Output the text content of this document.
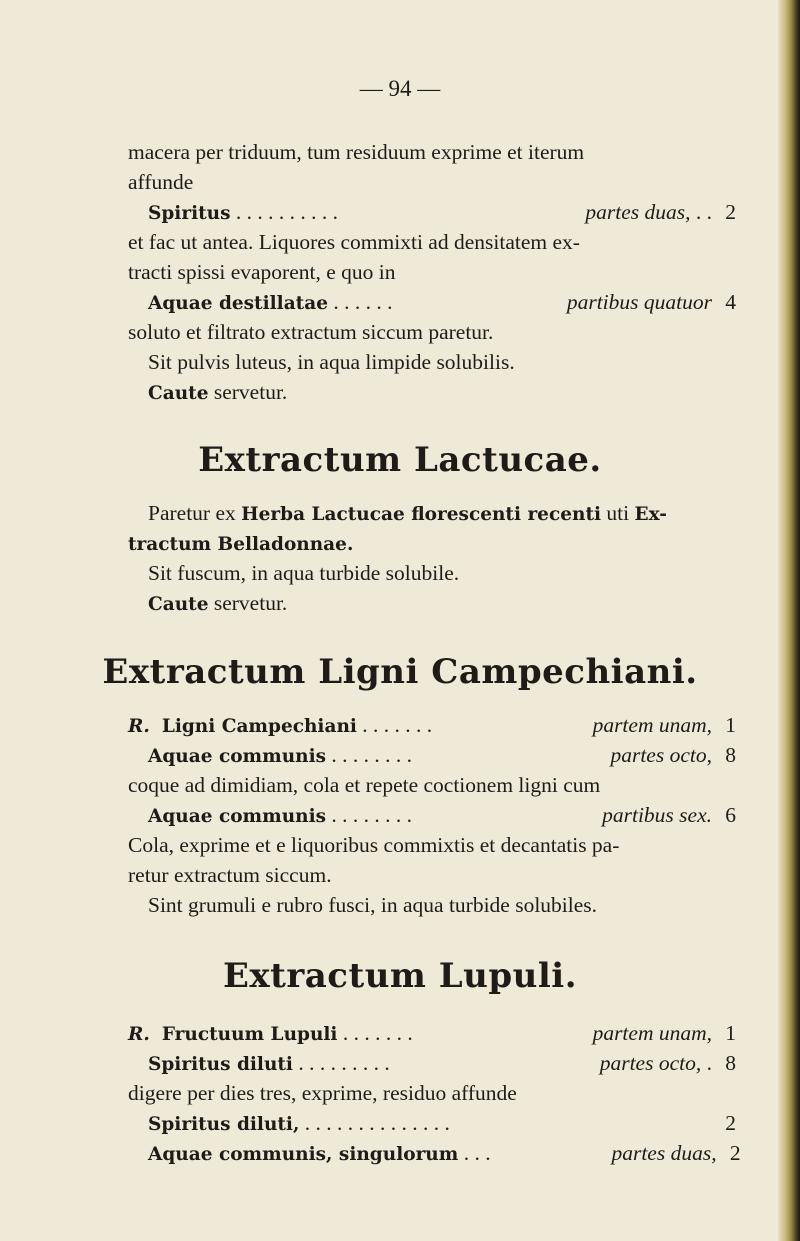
— 94 —
macera per triduum, tum residuum exprime et iterum
affunde
Spiritus . . . . . . . . . .	partes duas, . . 2
et fac ut antea. Liquores commixti ad densitatem ex-
tracti spissi evaporent, e quo in
Aquae destillatae . . . . . .	partibus quatuor 4
soluto et filtrato extractum siccum paretur.
Sit pulvis luteus, in aqua limpide solubilis.
Caute servetur.
Extractum Lactucae.
Paretur ex Herba Lactucae florescenti recenti uti Ex-
tractum Belladonnae.
Sit fuscum, in aqua turbide solubile.
Caute servetur.
Extractum Ligni Campechiani.
R. Ligni Campechiani . . . . . . .	partem unam, 1
Aquae communis . . . . . . . .	partes octo, 8
coque ad dimidiam, cola et repete coctionem ligni cum
Aquae communis . . . . . . . .	partibus sex. 6
Cola, exprime et e liquoribus commixtis et decantatis pa-
retur extractum siccum.
Sint grumuli e rubro fusci, in aqua turbide solubiles.
Extractum Lupuli.
R. Fructuum Lupuli . . . . . . .	partem unam, 1
Spiritus diluti . . . . . . . . .	partes octo, . 8
digere per dies tres, exprime, residuo affunde
Spiritus diluti, . . . . . . . . . . . . . .	2
Aquae communis, singulorum . . .	partes duas, 2
